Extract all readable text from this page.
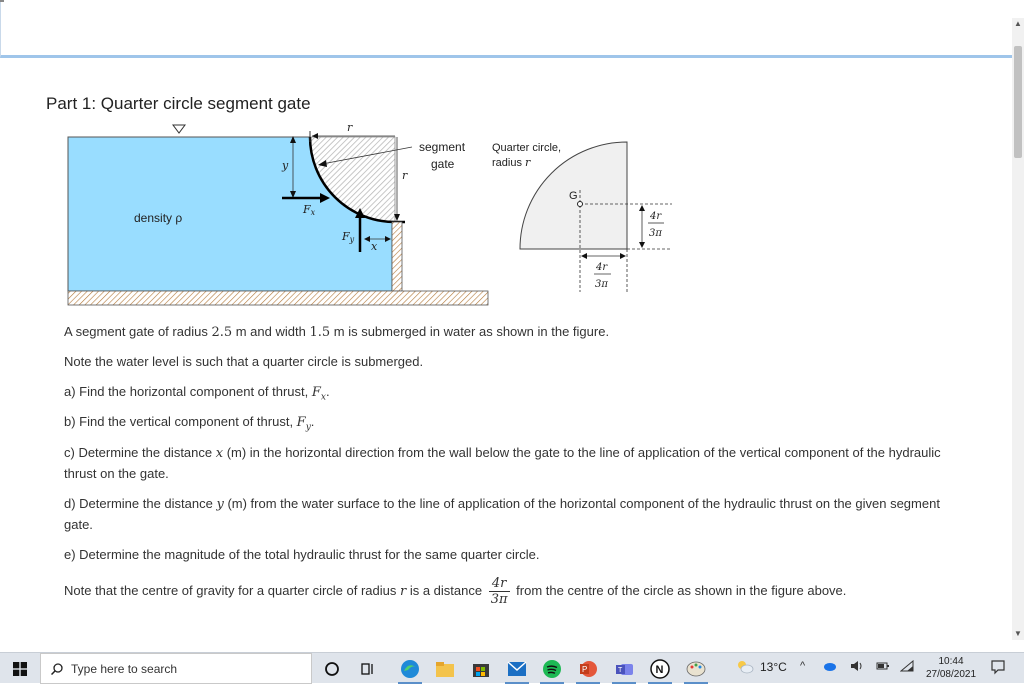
Part 1: Quarter circle segment gate
r
r
y
Fx
Fy
x
density ρ
segment
gate
Quarter circle,
radius r
G
4r
3π
4r
3π
A segment gate of radius 2.5 m and width 1.5 m is submerged in water as shown in the figure.
Note the water level is such that a quarter circle is submerged.
a) Find the horizontal component of thrust, $F_x$.
b) Find the vertical component of thrust, $F_y$.
c) Determine the distance x (m) in the horizontal direction from the wall below the gate to the line of application of the vertical component of the hydraulic thrust on the gate.
d) Determine the distance y (m) from the water surface to the line of application of the horizontal component of the hydraulic thrust on the given segment gate.
e) Determine the magnitude of the total hydraulic thrust for the same quarter circle.
Note that the centre of gravity for a quarter circle of radius r is a distance $\frac{4r}{3\pi}$ from the centre of the circle as shown in the figure above.
▲
▼
Type here to search	P	T	N	13°C ^	10:44
27/08/2021
